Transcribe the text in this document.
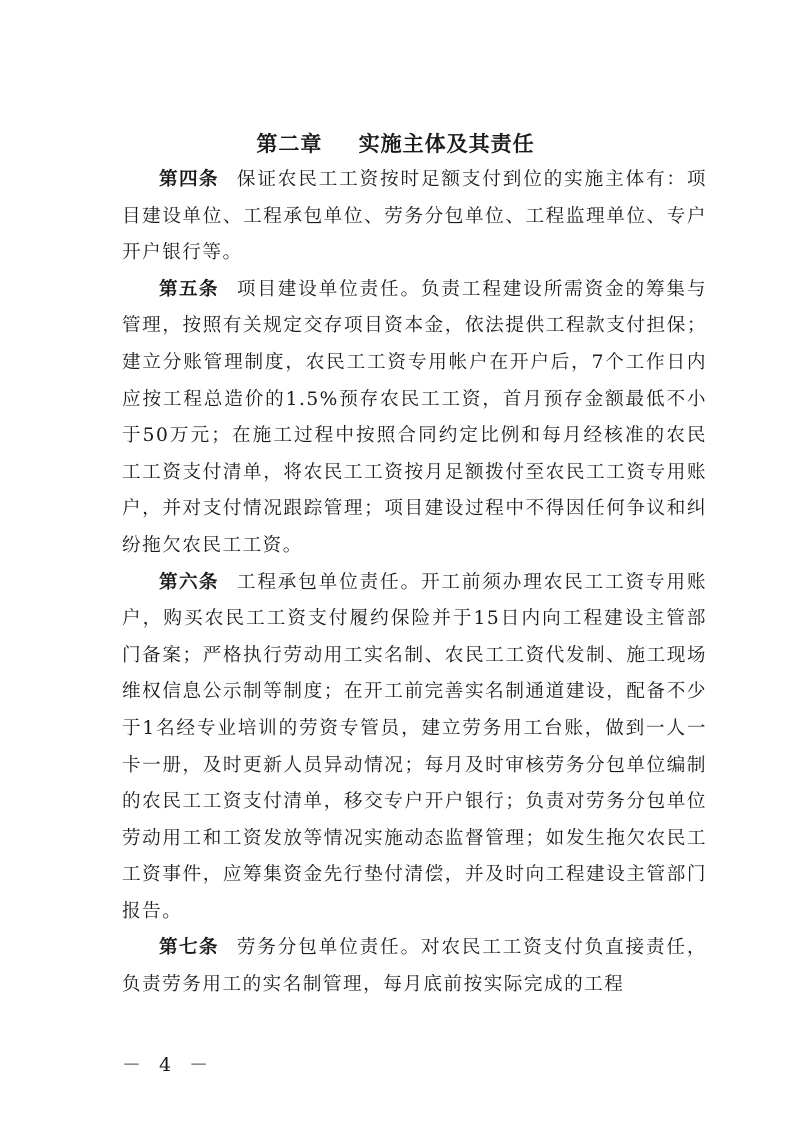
第二章 实施主体及其责任

第四条 保证农民工工资按时足额支付到位的实施主体有：项目建设单位、工程承包单位、劳务分包单位、工程监理单位、专户开户银行等。

第五条 项目建设单位责任。负责工程建设所需资金的筹集与管理，按照有关规定交存项目资本金，依法提供工程款支付担保；建立分账管理制度，农民工工资专用帐户在开户后，7个工作日内应按工程总造价的1.5%预存农民工工资，首月预存金额最低不小于50万元；在施工过程中按照合同约定比例和每月经核准的农民工工资支付清单，将农民工工资按月足额拨付至农民工工资专用账户，并对支付情况跟踪管理；项目建设过程中不得因任何争议和纠纷拖欠农民工工资。

第六条 工程承包单位责任。开工前须办理农民工工资专用账户，购买农民工工资支付履约保险并于15日内向工程建设主管部门备案；严格执行劳动用工实名制、农民工工资代发制、施工现场维权信息公示制等制度；在开工前完善实名制通道建设，配备不少于1名经专业培训的劳资专管员，建立劳务用工台账，做到一人一卡一册，及时更新人员异动情况；每月及时审核劳务分包单位编制的农民工工资支付清单，移交专户开户银行；负责对劳务分包单位劳动用工和工资发放等情况实施动态监督管理；如发生拖欠农民工工资事件，应筹集资金先行垫付清偿，并及时向工程建设主管部门报告。

第七条 劳务分包单位责任。对农民工工资支付负直接责任，负责劳务用工的实名制管理，每月底前按实际完成的工程

－ 4 －
